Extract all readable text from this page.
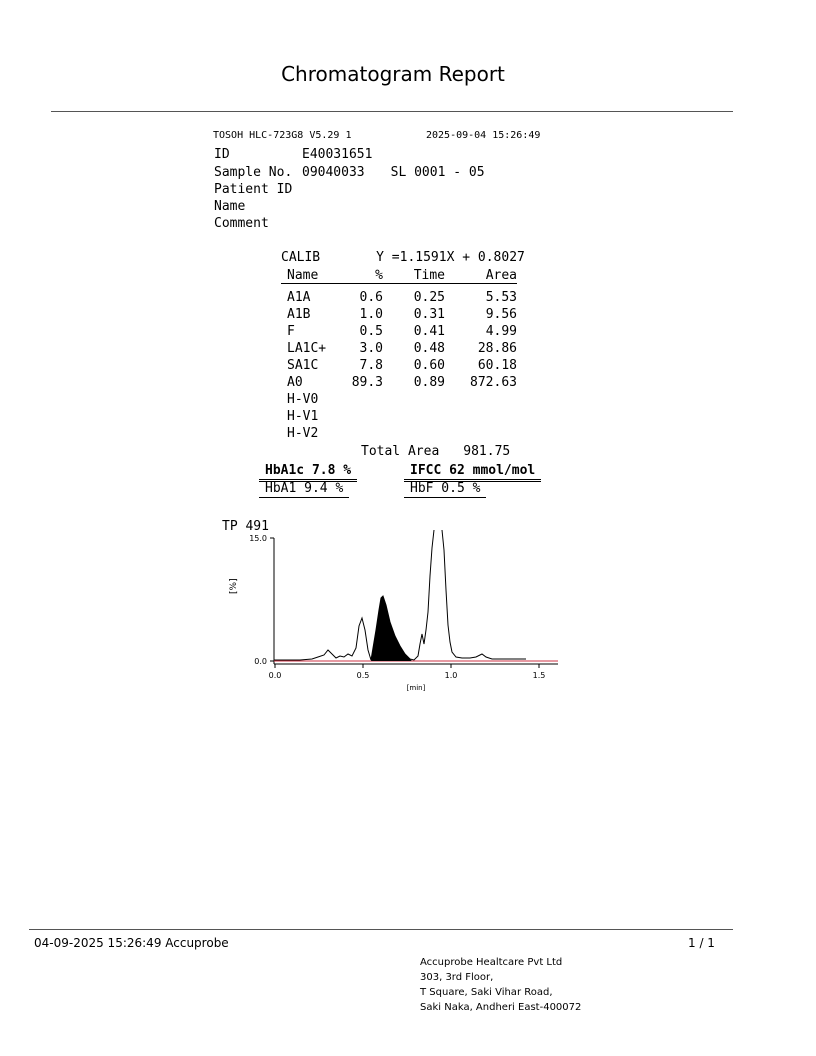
Chromatogram Report
TOSOH HLC-723G8 V5.29 1	2025-09-04 15:26:49
ID	E40031651
Sample No. 09040033 SL 0001 - 05
Patient ID
Name
Comment
CALIB	Y =1.1591X + 0.8027
Name	%	Time	Area
A1A	0.6	0.25	5.53
A1B	1.0	0.31	9.56
F	0.5	0.41	4.99
LA1C+	3.0	0.48	28.86
SA1C	7.8	0.60	60.18
A0	89.3	0.89	872.63
H-V0			
H-V1			
H-V2			
Total Area 981.75
HbA1c 7.8 %	IFCC 62 mmol/mol
HbA1 9.4 %	HbF 0.5 %
TP 491
15.0
0.0
0.0	0.5	1.0	1.5
[min]
[%]
04-09-2025 15:26:49 Accuprobe	1 / 1
Accuprobe Healtcare Pvt Ltd
303, 3rd Floor,
T Square, Saki Vihar Road,
Saki Naka, Andheri East-400072
